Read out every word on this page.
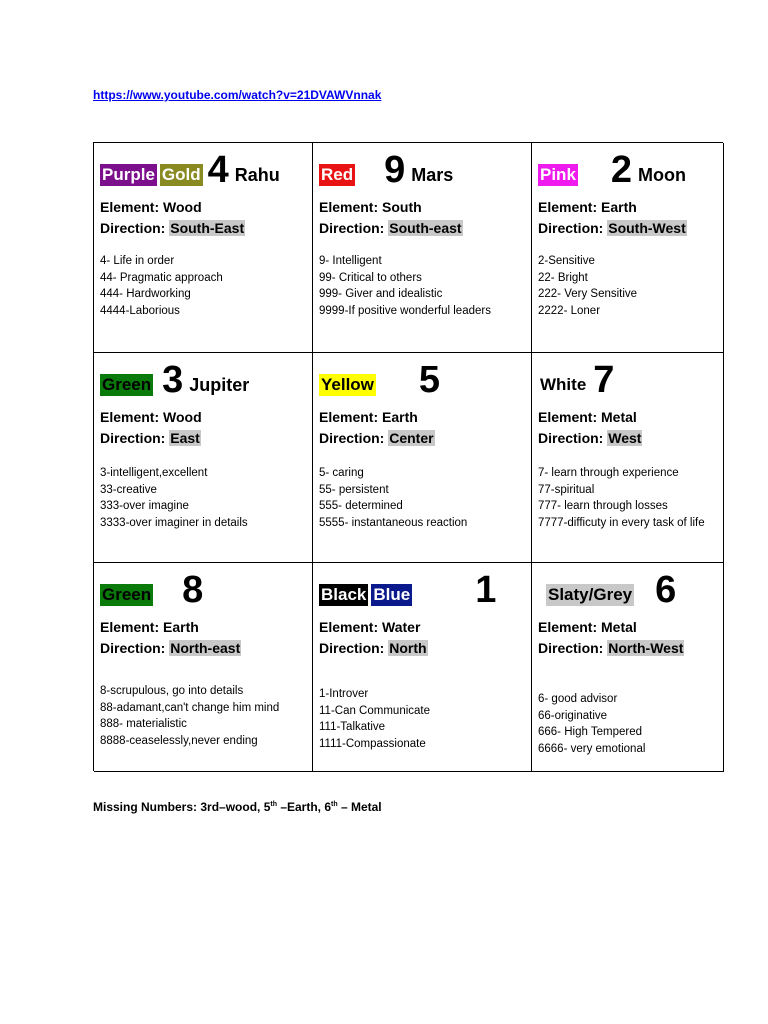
https://www.youtube.com/watch?v=21DVAWVnnak
Purple Gold 4 Rahu
Element: Wood
Direction: South-East
4- Life in order
44- Pragmatic approach
444- Hardworking
4444-Laborious
Red 9 Mars
Element: South
Direction: South-east
9- Intelligent
99- Critical to others
999- Giver and idealistic
9999-If positive wonderful leaders
Pink 2 Moon
Element: Earth
Direction: South-West
2-Sensitive
22- Bright
222- Very Sensitive
2222- Loner
Green 3 Jupiter
Element: Wood
Direction: East
3-intelligent,excellent
33-creative
333-over imagine
3333-over imaginer in details
Yellow 5
Element: Earth
Direction: Center
5- caring
55- persistent
555- determined
5555- instantaneous reaction
White 7
Element: Metal
Direction: West
7- learn through experience
77-spiritual
777- learn through losses
7777-difficuty in every task of life
Green 8
Element: Earth
Direction: North-east
8-scrupulous, go into details
88-adamant,can't change him mind
888- materialistic
8888-ceaselessly,never ending
Black Blue 1
Element: Water
Direction: North
1-Introver
11-Can Communicate
111-Talkative
1111-Compassionate
Slaty/Grey 6
Element: Metal
Direction: North-West
6- good advisor
66-originative
666- High Tempered
6666- very emotional
Missing Numbers: 3rd–wood, 5th –Earth, 6th – Metal
